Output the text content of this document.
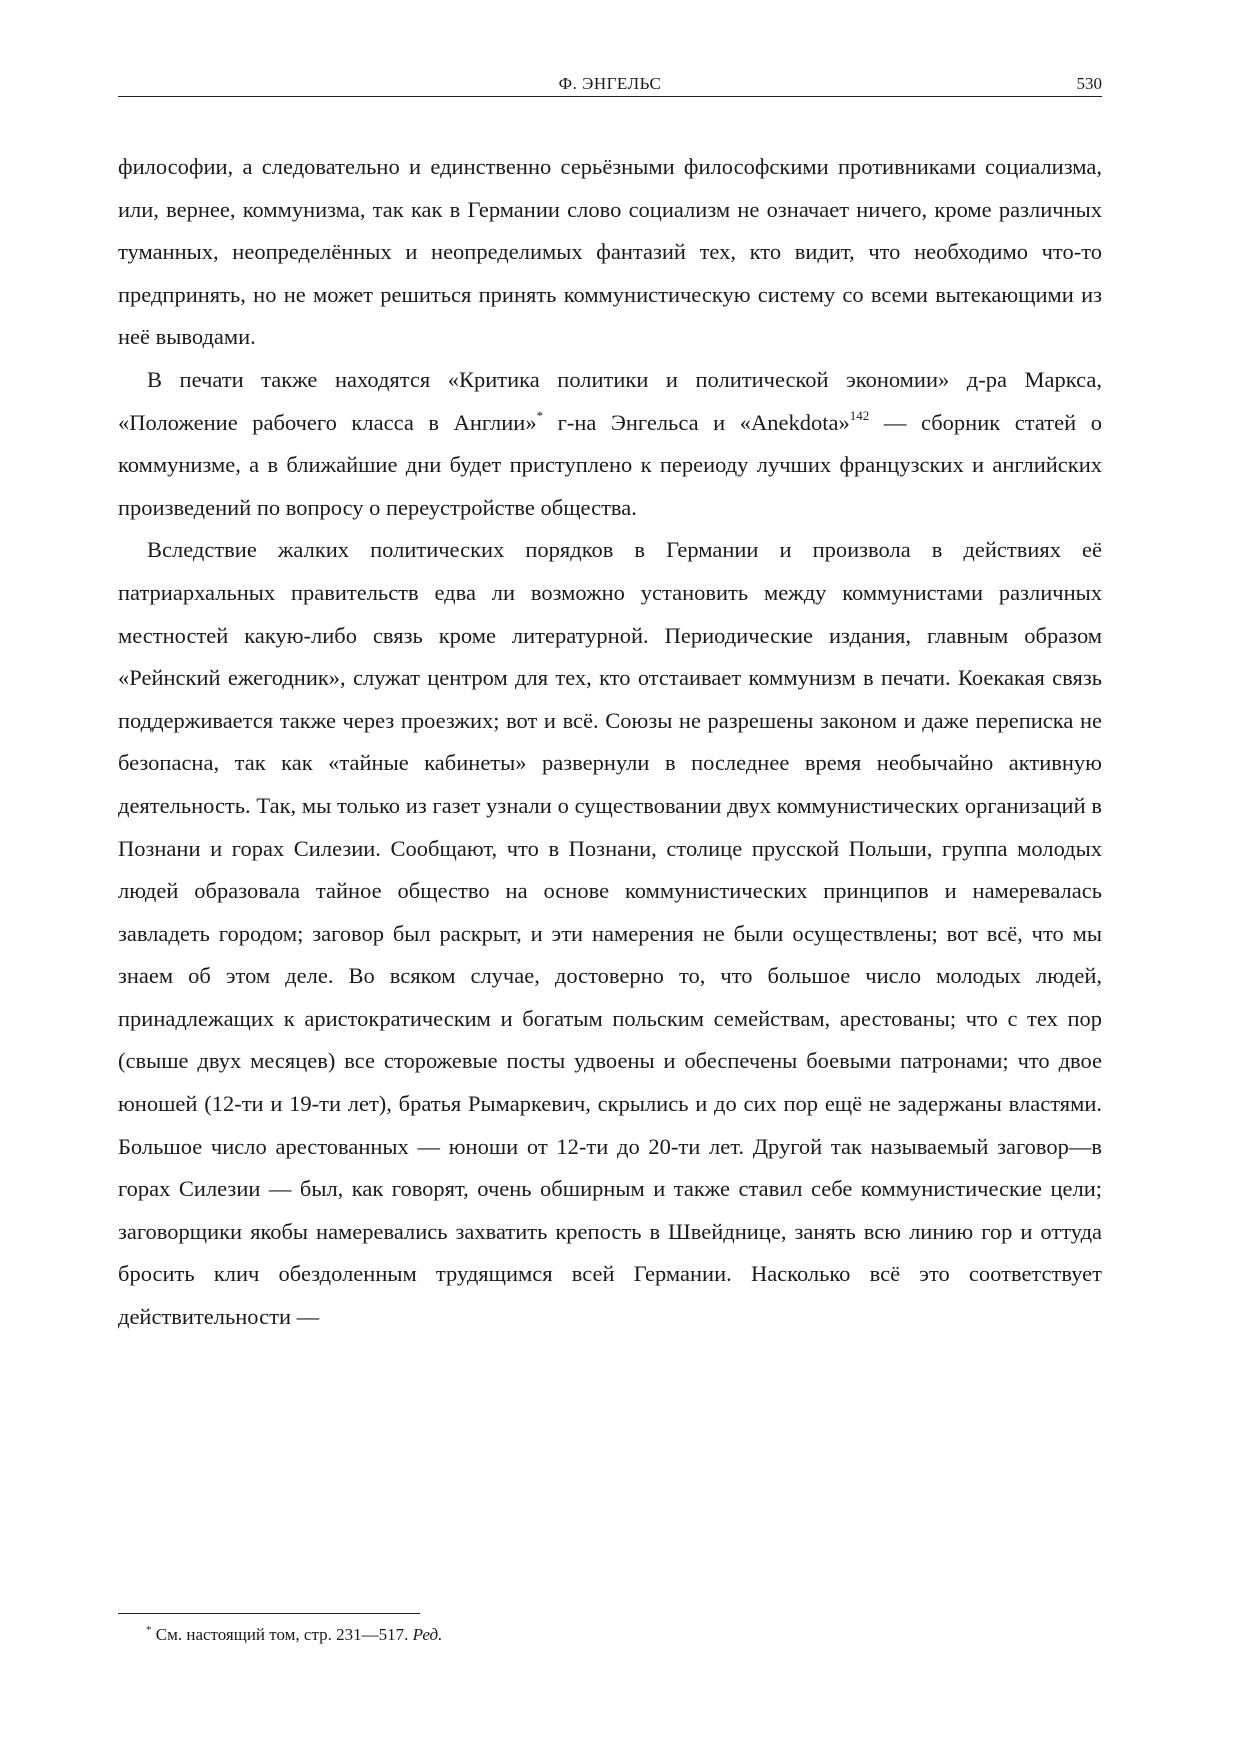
Ф. ЭНГЕЛЬС	530

философии, а следовательно и единственно серьёзными философскими противниками социализма, или, вернее, коммунизма, так как в Германии слово социализм не означает ничего, кроме различных туманных, неопределённых и неопределимых фантазий тех, кто видит, что необходимо что-то предпринять, но не может решиться принять коммунистическую систему со всеми вытекающими из неё выводами.

В печати также находятся «Критика политики и политической экономии» д-ра Маркса, «Положение рабочего класса в Англии»* г-на Энгельса и «Anekdota»$^{142}$ — сборник статей о коммунизме, а в ближайшие дни будет приступлено к переиоду лучших французских и английских произведений по вопросу о переустройстве общества.

Вследствие жалких политических порядков в Германии и произвола в действиях её патриархальных правительств едва ли возможно установить между коммунистами различных местностей какую-либо связь кроме литературной. Периодические издания, главным образом «Рейнский ежегодник», служат центром для тех, кто отстаивает коммунизм в печати. Коекакая связь поддерживается также через проезжих; вот и всё. Союзы не разрешены законом и даже переписка не безопасна, так как «тайные кабинеты» развернули в последнее время необычайно активную деятельность. Так, мы только из газет узнали о существовании двух коммунистических организаций в Познани и горах Силезии. Сообщают, что в Познани, столице прусской Польши, группа молодых людей образовала тайное общество на основе коммунистических принципов и намеревалась завладеть городом; заговор был раскрыт, и эти намерения не были осуществлены; вот всё, что мы знаем об этом деле. Во всяком случае, достоверно то, что большое число молодых людей, принадлежащих к аристократическим и богатым польским семействам, арестованы; что с тех пор (свыше двух месяцев) все сторожевые посты удвоены и обеспечены боевыми патронами; что двое юношей (12-ти и 19-ти лет), братья Рымаркевич, скрылись и до сих пор ещё не задержаны властями. Большое число арестованных — юноши от 12-ти до 20-ти лет. Другой так называемый заговор—в горах Силезии — был, как говорят, очень обширным и также ставил себе коммунистические цели; заговорщики якобы намеревались захватить крепость в Швейднице, занять всю линию гор и оттуда бросить клич обездоленным трудящимся всей Германии. Насколько всё это соответствует действительности —

* См. настоящий том, стр. 231—517. Ред.
